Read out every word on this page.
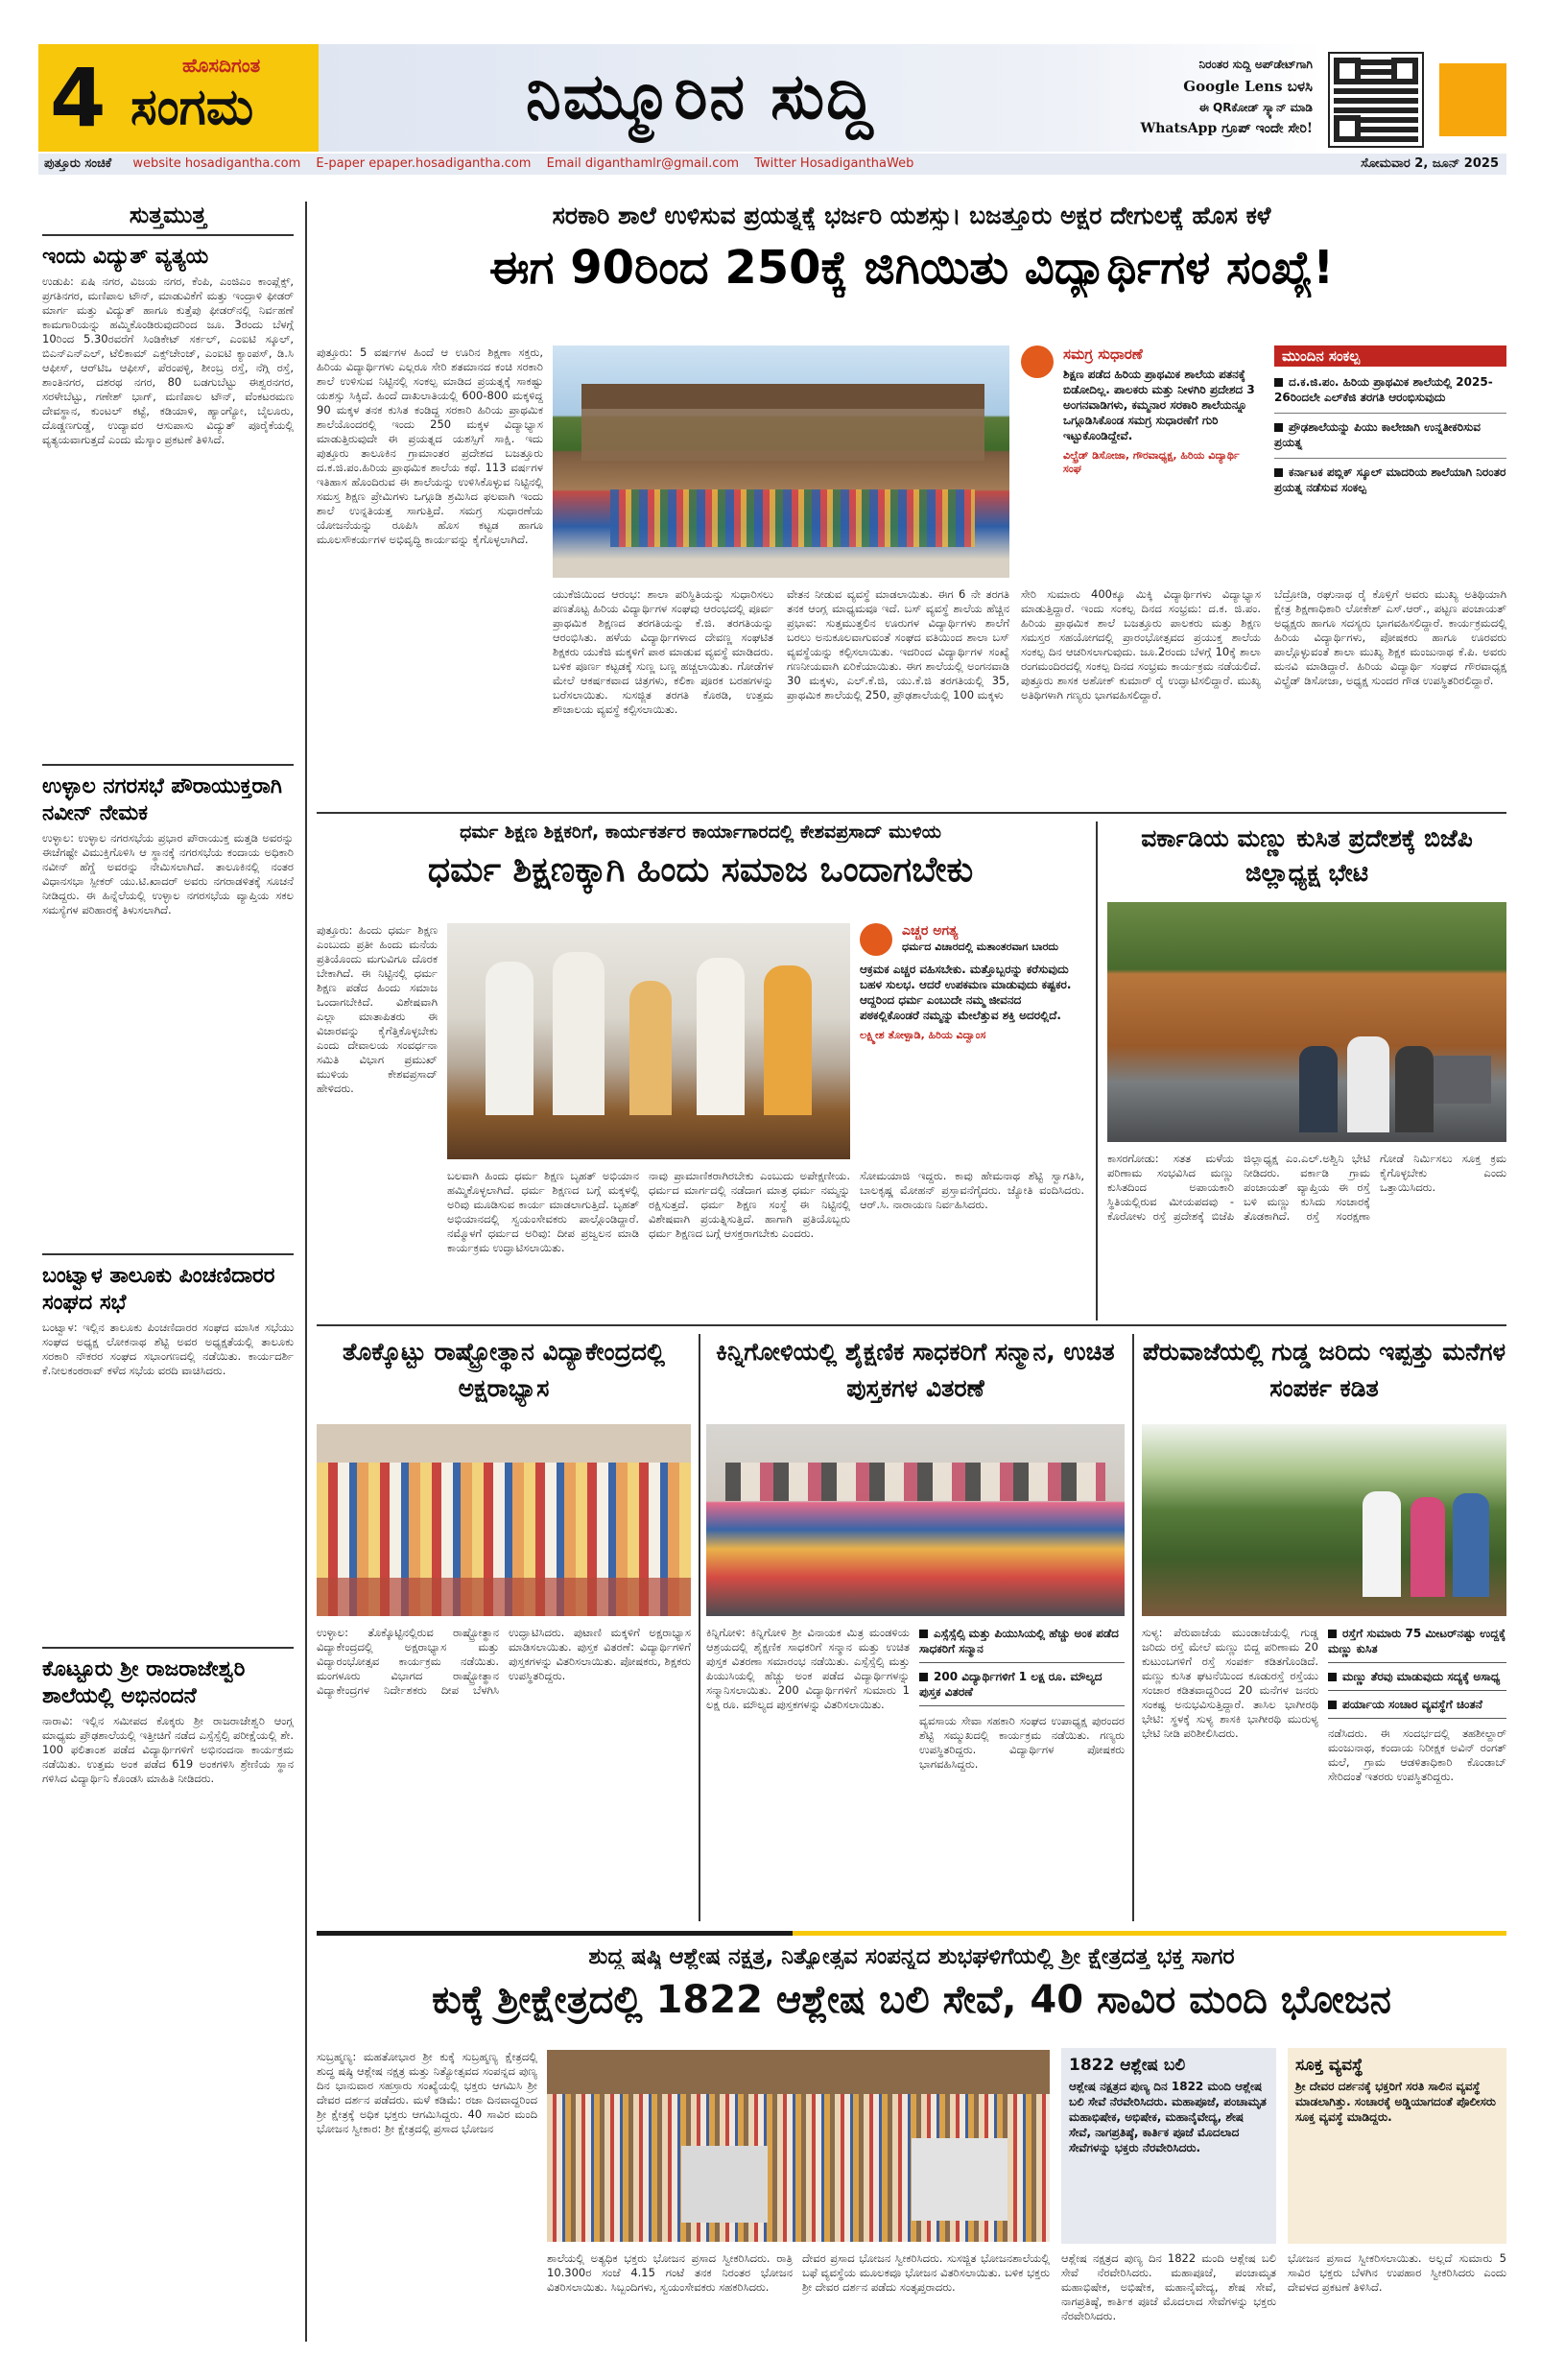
4	ಹೊಸದಿಗಂತ
ಸಂಗಮ	ನಿಮ್ಮೂರಿನ ಸುದ್ದಿ	ನಿರಂತರ ಸುದ್ದಿ ಅಪ್‌ಡೇಟ್‌ಗಾಗಿ
Google Lens ಬಳಸಿ
ಈ QRಕೋಡ್ ಸ್ಕ್ಯಾನ್ ಮಾಡಿ
WhatsApp ಗ್ರೂಪ್ ಇಂದೇ ಸೇರಿ!
ಪುತ್ತೂರು ಸಂಚಿಕೆ website hosadigantha.com E-paper epaper.hosadigantha.com Email diganthamlr@gmail.com Twitter HosadiganthaWeb	ಸೋಮವಾರ 2, ಜೂನ್ 2025
ಸುತ್ತಮುತ್ತ
ಇಂದು ವಿದ್ಯುತ್ ವ್ಯತ್ಯಯ
ಉಡುಪಿ: ಏಷಿ ನಗರ, ವಿಜಯ ನಗರ, ಕೆಂಪಿ, ಎಂಜಿಎಂ ಕಾಂಪ್ಲೆಕ್ಸ್, ಪ್ರಗತಿನಗರ, ಮಣಿಪಾಲ ಟೌನ್, ಮಾಡುವಿಕೆಗೆ ಮತ್ತು ಇಂದ್ರಾಳಿ ಫೀಡರ್ ಮಾರ್ಗ ಮತ್ತು ವಿದ್ಯುತ್ ಹಾಗೂ ಕುತ್ತೆಪು ಫೀಡರ್‌ನಲ್ಲಿ ನಿರ್ವಹಣೆ ಕಾಮಗಾರಿಯನ್ನು ಹಮ್ಮಿಕೊಂಡಿರುವುದರಿಂದ ಜೂ. 3ರಂದು ಬೆಳಗ್ಗೆ 10ರಿಂದ 5.30ರವರೆಗೆ ಸಿಂಡಿಕೇಟ್ ಸರ್ಕಲ್, ಎಂಐಟಿ ಸ್ಕೂಲ್, ಬಿಎನ್‌ಎನ್‌ಎಲ್, ಟೆಲಿಕಾಮ್ ಎಕ್ಸ್‌ಚೇಂಜ್, ಎಂಐಟಿ ಕ್ಯಾಂಪಸ್, ಡಿ.ಸಿ ಆಫೀಸ್, ಆರ್‌ಟಿಒ ಆಫೀಸ್, ಪೆರಂಪಳ್ಳಿ, ಶೀಂಬ್ರ ರಸ್ತೆ, ನೆಗ್ಗಿ ರಸ್ತೆ, ಶಾಂತಿನಗರ, ದಶರಥ ನಗರ, 80 ಬಡಗುಬೆಟ್ಟು ಈಶ್ವರನಗರ, ಸರಳೇಬೆಟ್ಟು, ಗಣೇಶ್ ಭಾಗ್, ಮಣಿಪಾಲ ಟೌನ್, ವೆಂಕಟರಮಣ ದೇವಸ್ಥಾನ, ಕುಂಟಲ್ ಕಟ್ಟೆ, ಕಡಿಯಾಳಿ, ಹ್ಯಾಂಗ್ಯೋ, ಬೈಲೂರು, ದೊಡ್ಡಣಗುಡ್ಡೆ, ಉದ್ಯಾವರ ಆಸುಪಾಸು ವಿದ್ಯುತ್ ಪೂರೈಕೆಯಲ್ಲಿ ವ್ಯತ್ಯಯವಾಗುತ್ತದೆ ಎಂದು ಮೆಸ್ಕಾಂ ಪ್ರಕಟಣೆ ತಿಳಿಸಿದೆ.
ಉಳ್ಳಾಲ ನಗರಸಭೆ ಪೌರಾಯುಕ್ತರಾಗಿ ನವೀನ್ ನೇಮಕ
ಉಳ್ಳಾಲ: ಉಳ್ಳಾಲ ನಗರಸಭೆಯ ಪ್ರಭಾರ ಪೌರಾಯುಕ್ತ ಮತ್ತಡಿ ಅವರನ್ನು ಈಚೆಗಷ್ಟೇ ವಿಮುಕ್ತಿಗೊಳಿಸಿ ಆ ಸ್ಥಾನಕ್ಕೆ ನಗರಸಭೆಯ ಕಂದಾಯ ಅಧಿಕಾರಿ ನವೀನ್ ಹೆಗ್ಡೆ ಅವರನ್ನು ನೇಮಿಸಲಾಗಿದೆ. ತಾಲೂಕಿನಲ್ಲಿ ನಂತರ ವಿಧಾನಸಭಾ ಸ್ಪೀಕರ್ ಯು.ಟಿ.ಖಾದರ್ ಅವರು ನಗರಾಡಳಿತಕ್ಕೆ ಸೂಚನೆ ನೀಡಿದ್ದರು. ಈ ಹಿನ್ನೆಲೆಯಲ್ಲಿ ಉಳ್ಳಾಲ ನಗರಸಭೆಯ ವ್ಯಾಪ್ತಿಯ ಸಕಲ ಸಮಸ್ಯೆಗಳ ಪರಿಹಾರಕ್ಕೆ ತಿಳುಸಲಾಗಿದೆ.
ಬಂಟ್ವಾಳ ತಾಲೂಕು ಪಿಂಚಣಿದಾರರ ಸಂಘದ ಸಭೆ
ಬಂಟ್ವಾಳ: ಇಲ್ಲಿನ ತಾಲೂಕು ಪಿಂಚಣಿದಾರರ ಸಂಘದ ಮಾಸಿಕ ಸಭೆಯು ಸಂಘದ ಅಧ್ಯಕ್ಷ ಲೋಕನಾಥ ಶೆಟ್ಟಿ ಅವರ ಅಧ್ಯಕ್ಷತೆಯಲ್ಲಿ ತಾಲೂಕು ಸರಕಾರಿ ನೌಕರರ ಸಂಘದ ಸಭಾಂಗಣದಲ್ಲಿ ನಡೆಯಿತು. ಕಾರ್ಯದರ್ಶಿ ಕೆ.ನೀಲಕಂಠರಾವ್ ಕಳೆದ ಸಭೆಯ ವರದಿ ವಾಚಿಸಿದರು.
ಕೊಟ್ಟೂರು ಶ್ರೀ ರಾಜರಾಜೇಶ್ವರಿ ಶಾಲೆಯಲ್ಲಿ ಅಭಿನಂದನೆ
ನಾರಾವಿ: ಇಲ್ಲಿನ ಸಮೀಪದ ಕೊಕ್ಕರು ಶ್ರೀ ರಾಜರಾಜೇಶ್ವರಿ ಆಂಗ್ಲ ಮಾಧ್ಯಮ ಪ್ರೌಢಶಾಲೆಯಲ್ಲಿ ಇತ್ತೀಚಿಗೆ ನಡೆದ ಎಸ್ಸೆಸ್ಸೆಲ್ಸಿ ಪರೀಕ್ಷೆಯಲ್ಲಿ ಶೇ. 100 ಫಲಿತಾಂಶ ಪಡೆದ ವಿದ್ಯಾರ್ಥಿಗಳಿಗೆ ಅಭಿನಂದನಾ ಕಾರ್ಯಕ್ರಮ ನಡೆಯಿತು. ಉತ್ತಮ ಅಂಕ ಪಡೆದ 619 ಅಂಕಗಳಿಸಿ ಶ್ರೇಣಿಯ ಸ್ಥಾನ ಗಳಿಸಿದ ವಿದ್ಯಾರ್ಥಿನಿ ಕೊಂಡಸಿ ಮಾಹಿತಿ ನೀಡಿದರು.
ಸರಕಾರಿ ಶಾಲೆ ಉಳಿಸುವ ಪ್ರಯತ್ನಕ್ಕೆ ಭರ್ಜರಿ ಯಶಸ್ಸು। ಬಜತ್ತೂರು ಅಕ್ಷರ ದೇಗುಲಕ್ಕೆ ಹೊಸ ಕಳೆ
ಈಗ 90ರಿಂದ 250ಕ್ಕೆ ಜಿಗಿಯಿತು ವಿದ್ಯಾರ್ಥಿಗಳ ಸಂಖ್ಯೆ!
ಪುತ್ತೂರು: 5 ವರ್ಷಗಳ ಹಿಂದೆ ಆ ಊರಿನ ಶಿಕ್ಷಣಾ ಸಕ್ತರು, ಹಿರಿಯ ವಿದ್ಯಾರ್ಥಿಗಳು ಎಲ್ಲರೂ ಸೇರಿ ಶತಮಾನದ ಕಂಚಿ ಸರಕಾರಿ ಶಾಲೆ ಉಳಿಸುವ ನಿಟ್ಟಿನಲ್ಲಿ ಸಂಕಲ್ಪ ಮಾಡಿದ ಪ್ರಯತ್ನಕ್ಕೆ ಸಾಕಷ್ಟು ಯಶಸ್ಸು ಸಿಕ್ಕಿದೆ. ಹಿಂದೆ ದಾಖಲಾತಿಯಲ್ಲಿ 600-800 ಮಕ್ಕಳಿದ್ದ 90 ಮಕ್ಕಳ ತನಕ ಕುಸಿತ ಕಂಡಿದ್ದ ಸರಕಾರಿ ಹಿರಿಯ ಪ್ರಾಥಮಿಕ ಶಾಲೆಯೊಂದರಲ್ಲಿ ಇಂದು 250 ಮಕ್ಕಳ ವಿದ್ಯಾಭ್ಯಾಸ ಮಾಡುತ್ತಿರುವುದೇ ಈ ಪ್ರಯತ್ನದ ಯಶಸ್ಸಿಗೆ ಸಾಕ್ಷಿ. ಇದು ಪುತ್ತೂರು ತಾಲೂಕಿನ ಗ್ರಾಮಾಂತರ ಪ್ರದೇಶದ ಬಜತ್ತೂರು ದ.ಕ.ಜಿ.ಪಂ.ಹಿರಿಯ ಪ್ರಾಥಮಿಕ ಶಾಲೆಯ ಕಥೆ. 113 ವರ್ಷಗಳ ಇತಿಹಾಸ ಹೊಂದಿರುವ ಈ ಶಾಲೆಯನ್ನು ಉಳಿಸಿಕೊಳ್ಳುವ ನಿಟ್ಟಿನಲ್ಲಿ ಸಮಸ್ತ ಶಿಕ್ಷಣ ಪ್ರೇಮಿಗಳು ಒಗ್ಗೂಡಿ ಶ್ರಮಿಸಿದ ಫಲವಾಗಿ ಇಂದು ಶಾಲೆ ಉನ್ನತಿಯತ್ತ ಸಾಗುತ್ತಿದೆ. ಸಮಗ್ರ ಸುಧಾರಣೆಯ ಯೋಜನೆಯನ್ನು ರೂಪಿಸಿ ಹೊಸ ಕಟ್ಟಡ ಹಾಗೂ ಮೂಲಸೌಕರ್ಯಗಳ ಅಭಿವೃದ್ಧಿ ಕಾರ್ಯವನ್ನು ಕೈಗೊಳ್ಳಲಾಗಿದೆ.
ಸಮಗ್ರ ಸುಧಾರಣೆ
ಶಿಕ್ಷಣ ಪಡೆದ ಹಿರಿಯ ಪ್ರಾಥಮಿಕ ಶಾಲೆಯ ಪತನಕ್ಕೆ ಬಿಡೋದಿಲ್ಲ. ಪಾಲಕರು ಮತ್ತು ನೀಳಗಿರಿ ಪ್ರದೇಶದ 3 ಅಂಗನವಾಡಿಗಳು, ಕಮ್ಮನಾರ ಸರಕಾರಿ ಶಾಲೆಯನ್ನೂ ಒಗ್ಗೂಡಿಸಿಕೊಂಡ ಸಮಗ್ರ ಸುಧಾರಣೆಗೆ ಗುರಿ ಇಟ್ಟುಕೊಂಡಿದ್ದೇವೆ.
ವಿಲ್ಫ್ರೆಡ್ ಡಿಸೋಜಾ, ಗೌರವಾಧ್ಯಕ್ಷ, ಹಿರಿಯ ವಿದ್ಯಾರ್ಥಿ ಸಂಘ
ಮುಂದಿನ ಸಂಕಲ್ಪ
ದ.ಕ.ಜಿ.ಪಂ. ಹಿರಿಯ ಪ್ರಾಥಮಿಕ ಶಾಲೆಯಲ್ಲಿ 2025-26ರಿಂದಲೇ ಎಲ್‌ಕೆಜಿ ತರಗತಿ ಆರಂಭಿಸುವುದು
ಪ್ರೌಢಶಾಲೆಯನ್ನು ಪಿಯು ಕಾಲೇಜಾಗಿ ಉನ್ನತೀಕರಿಸುವ ಪ್ರಯತ್ನ
ಕರ್ನಾಟಕ ಪಬ್ಲಿಕ್ ಸ್ಕೂಲ್ ಮಾದರಿಯ ಶಾಲೆಯಾಗಿ ನಿರಂತರ ಪ್ರಯತ್ನ ನಡೆಸುವ ಸಂಕಲ್ಪ
ಯುಕೆಜಿಯಿಂದ ಆರಂಭ: ಶಾಲಾ ಪರಿಸ್ಥಿತಿಯನ್ನು ಸುಧಾರಿಸಲು ಪಣತೊಟ್ಟ ಹಿರಿಯ ವಿದ್ಯಾರ್ಥಿಗಳ ಸಂಘವು ಆರಂಭದಲ್ಲಿ ಪೂರ್ವ ಪ್ರಾಥಮಿಕ ಶಿಕ್ಷಣದ ತರಗತಿಯನ್ನು ಕೆ.ಜಿ. ತರಗತಿಯನ್ನು ಆರಂಭಿಸಿತು. ಹಳೆಯ ವಿದ್ಯಾರ್ಥಿಗಳಾದ ದೇವಣ್ಣ ಸಂಘಟಿತ ಶಿಕ್ಷಕರು ಯುಕೆಜಿ ಮಕ್ಕಳಿಗೆ ಪಾಠ ಮಾಡುವ ವ್ಯವಸ್ಥೆ ಮಾಡಿದರು. ಬಳಿಕ ಪೂರ್ಣ ಕಟ್ಟಡಕ್ಕೆ ಸುಣ್ಣ ಬಣ್ಣ ಹಚ್ಚಲಾಯಿತು. ಗೋಡೆಗಳ ಮೇಲೆ ಆಕರ್ಷಕವಾದ ಚಿತ್ರಗಳು, ಕಲಿಕಾ ಪೂರಕ ಬರಹಗಳನ್ನು ಬರೆಸಲಾಯಿತು. ಸುಸಜ್ಜಿತ ತರಗತಿ ಕೊಠಡಿ, ಉತ್ತಮ ಶೌಚಾಲಯ ವ್ಯವಸ್ಥೆ ಕಲ್ಪಿಸಲಾಯಿತು.
ವೇತನ ನೀಡುವ ವ್ಯವಸ್ಥೆ ಮಾಡಲಾಯಿತು. ಈಗ 6 ನೇ ತರಗತಿ ತನಕ ಆಂಗ್ಲ ಮಾಧ್ಯಮವೂ ಇದೆ. ಬಸ್ ವ್ಯವಸ್ಥೆ ಶಾಲೆಯ ಹೆಚ್ಚಿನ ಪ್ರಭಾವ: ಸುತ್ತಮುತ್ತಲಿನ ಊರುಗಳ ವಿದ್ಯಾರ್ಥಿಗಳು ಶಾಲೆಗೆ ಬರಲು ಅನುಕೂಲವಾಗುವಂತೆ ಸಂಘದ ವತಿಯಿಂದ ಶಾಲಾ ಬಸ್ ವ್ಯವಸ್ಥೆಯನ್ನು ಕಲ್ಪಿಸಲಾಯಿತು. ಇದರಿಂದ ವಿದ್ಯಾರ್ಥಿಗಳ ಸಂಖ್ಯೆ ಗಣನೀಯವಾಗಿ ಏರಿಕೆಯಾಯಿತು. ಈಗ ಶಾಲೆಯಲ್ಲಿ ಅಂಗನವಾಡಿ 30 ಮಕ್ಕಳು, ಎಲ್.ಕೆ.ಜಿ, ಯು.ಕೆ.ಜಿ ತರಗತಿಯಲ್ಲಿ 35, ಪ್ರಾಥಮಿಕ ಶಾಲೆಯಲ್ಲಿ 250, ಪ್ರೌಢಶಾಲೆಯಲ್ಲಿ 100 ಮಕ್ಕಳು
ಸೇರಿ ಸುಮಾರು 400ಕ್ಕೂ ಮಿಕ್ಕಿ ವಿದ್ಯಾರ್ಥಿಗಳು ವಿದ್ಯಾಭ್ಯಾಸ ಮಾಡುತ್ತಿದ್ದಾರೆ. ಇಂದು ಸಂಕಲ್ಪ ದಿನದ ಸಂಭ್ರಮ: ದ.ಕ. ಜಿ.ಪಂ. ಹಿರಿಯ ಪ್ರಾಥಮಿಕ ಶಾಲೆ ಬಜತ್ತೂರು ಪಾಲಕರು ಮತ್ತು ಶಿಕ್ಷಣ ಸಮಸ್ತರ ಸಹಯೋಗದಲ್ಲಿ ಪ್ರಾರಂಭೋತ್ಸವದ ಪ್ರಯುಕ್ತ ಶಾಲೆಯ ಸಂಕಲ್ಪ ದಿನ ಆಚರಿಸಲಾಗುವುದು. ಜೂ.2ರಂದು ಬೆಳಗ್ಗೆ 10ಕ್ಕೆ ಶಾಲಾ ರಂಗಮಂದಿರದಲ್ಲಿ ಸಂಕಲ್ಪ ದಿನದ ಸಂಭ್ರಮ ಕಾರ್ಯಕ್ರಮ ನಡೆಯಲಿದೆ. ಪುತ್ತೂರು ಶಾಸಕ ಅಶೋಕ್ ಕುಮಾರ್ ರೈ ಉದ್ಘಾಟಿಸಲಿದ್ದಾರೆ. ಮುಖ್ಯ ಅತಿಥಿಗಳಾಗಿ ಗಣ್ಯರು ಭಾಗವಹಿಸಲಿದ್ದಾರೆ.
ಬೆದ್ರೋಡಿ, ರಘುನಾಥ ರೈ ಕೊಳ್ತಿಗೆ ಅವರು ಮುಖ್ಯ ಅತಿಥಿಯಾಗಿ ಕ್ಷೇತ್ರ ಶಿಕ್ಷಣಾಧಿಕಾರಿ ಲೋಕೇಶ್ ಎಸ್.ಆರ್., ಪಟ್ಟಣ ಪಂಚಾಯತ್ ಅಧ್ಯಕ್ಷರು ಹಾಗೂ ಸದಸ್ಯರು ಭಾಗವಹಿಸಲಿದ್ದಾರೆ. ಕಾರ್ಯಕ್ರಮದಲ್ಲಿ ಹಿರಿಯ ವಿದ್ಯಾರ್ಥಿಗಳು, ಪೋಷಕರು ಹಾಗೂ ಊರವರು ಪಾಲ್ಗೊಳ್ಳುವಂತೆ ಶಾಲಾ ಮುಖ್ಯ ಶಿಕ್ಷಕ ಮಂಜುನಾಥ ಕೆ.ಪಿ. ಅವರು ಮನವಿ ಮಾಡಿದ್ದಾರೆ. ಹಿರಿಯ ವಿದ್ಯಾರ್ಥಿ ಸಂಘದ ಗೌರವಾಧ್ಯಕ್ಷ ವಿಲ್ಫ್ರೆಡ್ ಡಿಸೋಜಾ, ಅಧ್ಯಕ್ಷ ಸುಂದರ ಗೌಡ ಉಪಸ್ಥಿತರಿರಲಿದ್ದಾರೆ.
ಧರ್ಮ ಶಿಕ್ಷಣ ಶಿಕ್ಷಕರಿಗೆ, ಕಾರ್ಯಕರ್ತರ ಕಾರ್ಯಾಗಾರದಲ್ಲಿ ಕೇಶವಪ್ರಸಾದ್ ಮುಳಿಯ
ಧರ್ಮ ಶಿಕ್ಷಣಕ್ಕಾಗಿ ಹಿಂದು ಸಮಾಜ ಒಂದಾಗಬೇಕು
ಪುತ್ತೂರು: ಹಿಂದು ಧರ್ಮ ಶಿಕ್ಷಣ ಎಂಬುದು ಪ್ರತೀ ಹಿಂದು ಮನೆಯ ಪ್ರತಿಯೊಂದು ಮಗುವಿಗೂ ದೊರಕ ಬೇಕಾಗಿದೆ. ಈ ನಿಟ್ಟಿನಲ್ಲಿ ಧರ್ಮ ಶಿಕ್ಷಣ ಪಡೆದ ಹಿಂದು ಸಮಾಜ ಒಂದಾಗಬೇಕಿದೆ. ವಿಶೇಷವಾಗಿ ಎಲ್ಲಾ ಮಾತಾಪಿತರು ಈ ವಿಚಾರವನ್ನು ಕೈಗೆತ್ತಿಕೊಳ್ಳಬೇಕು ಎಂದು ದೇವಾಲಯ ಸಂವರ್ಧನಾ ಸಮಿತಿ ವಿಭಾಗ ಪ್ರಮುಖ್ ಮುಳಿಯ ಕೇಶವಪ್ರಸಾದ್ ಹೇಳಿದರು.
ಎಚ್ಚರ ಅಗತ್ಯ
ಧರ್ಮದ ವಿಚಾರದಲ್ಲಿ ಮತಾಂತರವಾಗ ಬಾರದು
ಆಕ್ರಮಕ ಎಚ್ಚರ ವಹಿಸಬೇಕು. ಮತ್ತೊಬ್ಬರನ್ನು ಕರೆಸುವುದು ಬಹಳ ಸುಲಭ. ಆದರೆ ಉಪಕಮಣ ಮಾಡುವುದು ಕಷ್ಟಕರ. ಆದ್ದರಿಂದ ಧರ್ಮ ಎಂಬುದೇ ನಮ್ಮ ಜೀವನದ ಪಠಕಲ್ಲಿಕೊಂಡರೆ ನಮ್ಮನ್ನು ಮೇಲೆತ್ತುವ ಶಕ್ತಿ ಅದರಲ್ಲಿದೆ.
ಲಕ್ಷ್ಮೀಶ ತೋಳ್ಪಾಡಿ, ಹಿರಿಯ ವಿದ್ವಾಂಸ
ಬಲವಾಗಿ ಹಿಂದು ಧರ್ಮ ಶಿಕ್ಷಣ ಬೃಹತ್ ಅಭಿಯಾನ ಹಮ್ಮಿಕೊಳ್ಳಲಾಗಿದೆ. ಧರ್ಮ ಶಿಕ್ಷಣದ ಬಗ್ಗೆ ಮಕ್ಕಳಲ್ಲಿ ಅರಿವು ಮೂಡಿಸುವ ಕಾರ್ಯ ಮಾಡಲಾಗುತ್ತಿದೆ. ಬೃಹತ್ ಅಭಿಯಾನದಲ್ಲಿ ಸ್ವಯಂಸೇವಕರು ಪಾಲ್ಗೊಂಡಿದ್ದಾರೆ. ನಮ್ಮೊಳಗೆ ಧರ್ಮದ ಅರಿವು: ದೀಪ ಪ್ರಜ್ವಲನ ಮಾಡಿ ಕಾರ್ಯಕ್ರಮ ಉದ್ಘಾಟಿಸಲಾಯಿತು.
ನಾವು ಪ್ರಾಮಾಣಿಕರಾಗಿರಬೇಕು ಎಂಬುದು ಅಪೇಕ್ಷಣೀಯ. ಧರ್ಮದ ಮಾರ್ಗದಲ್ಲಿ ನಡೆದಾಗ ಮಾತ್ರ ಧರ್ಮ ನಮ್ಮನ್ನು ರಕ್ಷಿಸುತ್ತದೆ. ಧರ್ಮ ಶಿಕ್ಷಣ ಸಂಸ್ಥೆ ಈ ನಿಟ್ಟಿನಲ್ಲಿ ವಿಶೇಷವಾಗಿ ಪ್ರಯತ್ನಿಸುತ್ತಿದೆ. ಹಾಗಾಗಿ ಪ್ರತಿಯೊಬ್ಬರು ಧರ್ಮ ಶಿಕ್ಷಣದ ಬಗ್ಗೆ ಆಸಕ್ತರಾಗಬೇಕು ಎಂದರು.
ಸೋಮಯಾಜಿ ಇದ್ದರು. ಕಾವು ಹೇಮನಾಥ ಶೆಟ್ಟಿ ಸ್ವಾಗತಿಸಿ, ಬಾಲಕೃಷ್ಣ ಮೋಹನ್ ಪ್ರಸ್ತಾವನೆಗೈದರು. ಜ್ಯೋತಿ ವಂದಿಸಿದರು. ಆರ್.ಸಿ. ನಾರಾಯಣ ನಿರ್ವಹಿಸಿದರು.
ವರ್ಕಾಡಿಯ ಮಣ್ಣು ಕುಸಿತ ಪ್ರದೇಶಕ್ಕೆ ಬಿಜೆಪಿ ಜಿಲ್ಲಾಧ್ಯಕ್ಷ ಭೇಟಿ
ಕಾಸರಗೋಡು: ಸತತ ಮಳೆಯ ಪರಿಣಾಮ ಸಂಭವಿಸಿದ ಮಣ್ಣು ಕುಸಿತದಿಂದ ಅಪಾಯಕಾರಿ ಸ್ಥಿತಿಯಲ್ಲಿರುವ ಮೀಯಪದವು - ಕೊರೋಳು ರಸ್ತೆ ಪ್ರದೇಶಕ್ಕೆ ಬಿಜೆಪಿ ಜಿಲ್ಲಾಧ್ಯಕ್ಷ ಎಂ.ಎಲ್.ಅಶ್ವಿನಿ ಭೇಟಿ ನೀಡಿದರು. ವರ್ಕಾಡಿ ಗ್ರಾಮ ಪಂಚಾಯತ್ ವ್ಯಾಪ್ತಿಯ ಈ ರಸ್ತೆ ಬಳಿ ಮಣ್ಣು ಕುಸಿದು ಸಂಚಾರಕ್ಕೆ ತೊಡಕಾಗಿದೆ. ರಸ್ತೆ ಸಂರಕ್ಷಣಾ ಗೋಡೆ ನಿರ್ಮಿಸಲು ಸೂಕ್ತ ಕ್ರಮ ಕೈಗೊಳ್ಳಬೇಕು ಎಂದು ಒತ್ತಾಯಿಸಿದರು.
ತೊಕ್ಕೊಟ್ಟು ರಾಷ್ಟ್ರೋತ್ಥಾನ ವಿದ್ಯಾಕೇಂದ್ರದಲ್ಲಿ ಅಕ್ಷರಾಭ್ಯಾಸ
ಉಳ್ಳಾಲ: ತೊಕ್ಕೊಟ್ಟಿನಲ್ಲಿರುವ ರಾಷ್ಟ್ರೋತ್ಥಾನ ವಿದ್ಯಾಕೇಂದ್ರದಲ್ಲಿ ಅಕ್ಷರಾಭ್ಯಾಸ ಮತ್ತು ವಿದ್ಯಾರಂಭೋತ್ಸವ ಕಾರ್ಯಕ್ರಮ ನಡೆಯಿತು. ಮಂಗಳೂರು ವಿಭಾಗದ ರಾಷ್ಟ್ರೋತ್ಥಾನ ವಿದ್ಯಾಕೇಂದ್ರಗಳ ನಿರ್ದೇಶಕರು ದೀಪ ಬೆಳಗಿಸಿ ಉದ್ಘಾಟಿಸಿದರು. ಪುಟಾಣಿ ಮಕ್ಕಳಿಗೆ ಅಕ್ಷರಾಭ್ಯಾಸ ಮಾಡಿಸಲಾಯಿತು. ಪುಸ್ತಕ ವಿತರಣೆ: ವಿದ್ಯಾರ್ಥಿಗಳಿಗೆ ಪುಸ್ತಕಗಳನ್ನು ವಿತರಿಸಲಾಯಿತು. ಪೋಷಕರು, ಶಿಕ್ಷಕರು ಉಪಸ್ಥಿತರಿದ್ದರು.
ಕಿನ್ನಿಗೋಳಿಯಲ್ಲಿ ಶೈಕ್ಷಣಿಕ ಸಾಧಕರಿಗೆ ಸನ್ಮಾನ, ಉಚಿತ ಪುಸ್ತಕಗಳ ವಿತರಣೆ
ಕಿನ್ನಿಗೋಳಿ: ಕಿನ್ನಿಗೋಳಿ ಶ್ರೀ ವಿನಾಯಕ ಮಿತ್ರ ಮಂಡಳಿಯ ಆಶ್ರಯದಲ್ಲಿ ಶೈಕ್ಷಣಿಕ ಸಾಧಕರಿಗೆ ಸನ್ಮಾನ ಮತ್ತು ಉಚಿತ ಪುಸ್ತಕ ವಿತರಣಾ ಸಮಾರಂಭ ನಡೆಯಿತು. ಎಸ್ಸೆಸ್ಸೆಲ್ಸಿ ಮತ್ತು ಪಿಯುಸಿಯಲ್ಲಿ ಹೆಚ್ಚು ಅಂಕ ಪಡೆದ ವಿದ್ಯಾರ್ಥಿಗಳನ್ನು ಸನ್ಮಾನಿಸಲಾಯಿತು. 200 ವಿದ್ಯಾರ್ಥಿಗಳಿಗೆ ಸುಮಾರು 1 ಲಕ್ಷ ರೂ. ಮೌಲ್ಯದ ಪುಸ್ತಕಗಳನ್ನು ವಿತರಿಸಲಾಯಿತು.
ಎಸ್ಸೆಸ್ಸೆಲ್ಸಿ ಮತ್ತು ಪಿಯುಸಿಯಲ್ಲಿ ಹೆಚ್ಚು ಅಂಕ ಪಡೆದ ಸಾಧಕರಿಗೆ ಸನ್ಮಾನ
200 ವಿದ್ಯಾರ್ಥಿಗಳಿಗೆ 1 ಲಕ್ಷ ರೂ. ಮೌಲ್ಯದ ಪುಸ್ತಕ ವಿತರಣೆ
ವ್ಯವಸಾಯ ಸೇವಾ ಸಹಕಾರಿ ಸಂಘದ ಉಪಾಧ್ಯಕ್ಷ ಪುರಂದರ ಶೆಟ್ಟಿ ಸಮ್ಮುಖದಲ್ಲಿ ಕಾರ್ಯಕ್ರಮ ನಡೆಯಿತು. ಗಣ್ಯರು ಉಪಸ್ಥಿತರಿದ್ದರು. ವಿದ್ಯಾರ್ಥಿಗಳ ಪೋಷಕರು ಭಾಗವಹಿಸಿದ್ದರು.
ಪೆರುವಾಜೆಯಲ್ಲಿ ಗುಡ್ಡ ಜರಿದು ಇಪ್ಪತ್ತು ಮನೆಗಳ ಸಂಪರ್ಕ ಕಡಿತ
ಸುಳ್ಯ: ಪೆರುವಾಜೆಯ ಮುಂಡಾಜೆಯಲ್ಲಿ ಗುಡ್ಡ ಜರಿದು ರಸ್ತೆ ಮೇಲೆ ಮಣ್ಣು ಬಿದ್ದ ಪರಿಣಾಮ 20 ಕುಟುಂಬಗಳಿಗೆ ರಸ್ತೆ ಸಂಪರ್ಕ ಕಡಿತಗೊಂಡಿದೆ. ಮಣ್ಣು ಕುಸಿತ ಘಟನೆಯಿಂದ ಕೂಡುರಸ್ತೆ ರಸ್ತೆಯು ಸಂಚಾರ ಕಡಿತವಾದ್ದರಿಂದ 20 ಮನೆಗಳ ಜನರು ಸಂಕಷ್ಟ ಅನುಭವಿಸುತ್ತಿದ್ದಾರೆ. ತಾಸಿಲ ಭಾಗೀರಥಿ ಭೇಟಿ: ಸ್ಥಳಕ್ಕೆ ಸುಳ್ಯ ಶಾಸಕಿ ಭಾಗೀರಥಿ ಮುರುಳ್ಯ ಭೇಟಿ ನೀಡಿ ಪರಿಶೀಲಿಸಿದರು.
ರಸ್ತೆಗೆ ಸುಮಾರು 75 ಮೀಟರ್‌ನಷ್ಟು ಉದ್ದಕ್ಕೆ ಮಣ್ಣು ಕುಸಿತ
ಮಣ್ಣು ತೆರವು ಮಾಡುವುದು ಸದ್ಯಕ್ಕೆ ಅಸಾಧ್ಯ
ಪರ್ಯಾಯ ಸಂಚಾರ ವ್ಯವಸ್ಥೆಗೆ ಚಿಂತನೆ
ನಡೆಸಿದರು. ಈ ಸಂದರ್ಭದಲ್ಲಿ ತಹಶೀಲ್ದಾರ್ ಮಂಜುನಾಥ, ಕಂದಾಯ ನಿರೀಕ್ಷಕ ಅವಿನ್ ರಂಗತ್ ಮಲೆ, ಗ್ರಾಮ ಆಡಳಿತಾಧಿಕಾರಿ ಕೊಂಡಾಬ್ ಸೇರಿದಂತೆ ಇತರರು ಉಪಸ್ಥಿತರಿದ್ದರು.
ಶುದ್ಧ ಷಷ್ಠಿ ಆಶ್ಲೇಷ ನಕ್ಷತ್ರ, ನಿತ್ಯೋತ್ಸವ ಸಂಪನ್ನದ ಶುಭಘಳಿಗೆಯಲ್ಲಿ ಶ್ರೀ ಕ್ಷೇತ್ರದತ್ತ ಭಕ್ತ ಸಾಗರ
ಕುಕ್ಕೆ ಶ್ರೀಕ್ಷೇತ್ರದಲ್ಲಿ 1822 ಆಶ್ಲೇಷ ಬಲಿ ಸೇವೆ, 40 ಸಾವಿರ ಮಂದಿ ಭೋಜನ
ಸುಬ್ರಹ್ಮಣ್ಯ: ಮಹತೋಭಾರ ಶ್ರೀ ಕುಕ್ಕೆ ಸುಬ್ರಹ್ಮಣ್ಯ ಕ್ಷೇತ್ರದಲ್ಲಿ ಶುದ್ಧ ಷಷ್ಠಿ ಆಶ್ಲೇಷ ನಕ್ಷತ್ರ ಮತ್ತು ನಿತ್ಯೋತ್ಸವದ ಸಂಪನ್ನದ ಪುಣ್ಯ ದಿನ ಭಾನುವಾರ ಸಹಸ್ರಾರು ಸಂಖ್ಯೆಯಲ್ಲಿ ಭಕ್ತರು ಆಗಮಿಸಿ ಶ್ರೀ ದೇವರ ದರ್ಶನ ಪಡೆದರು. ಮಳೆ ಕಡಿಮೆ: ರಜಾ ದಿನವಾದ್ದರಿಂದ ಶ್ರೀ ಕ್ಷೇತ್ರಕ್ಕೆ ಅಧಿಕ ಭಕ್ತರು ಆಗಮಿಸಿದ್ದರು. 40 ಸಾವಿರ ಮಂದಿ ಭೋಜನ ಸ್ವೀಕಾರ: ಶ್ರೀ ಕ್ಷೇತ್ರದಲ್ಲಿ ಪ್ರಸಾದ ಭೋಜನ
ಶಾಲೆಯಲ್ಲಿ ಅತ್ಯಧಿಕ ಭಕ್ತರು ಭೋಜನ ಪ್ರಸಾದ ಸ್ವೀಕರಿಸಿದರು. ರಾತ್ರಿ 10.300ರ ಸಂಜೆ 4.15 ಗಂಟೆ ತನಕ ನಿರಂತರ ಭೋಜನ ವಿತರಿಸಲಾಯಿತು. ಸಿಬ್ಬಂದಿಗಳು, ಸ್ವಯಂಸೇವಕರು ಸಹಕರಿಸಿದರು.
ದೇವರ ಪ್ರಸಾದ ಭೋಜನ ಸ್ವೀಕರಿಸಿದರು. ಸುಸಜ್ಜಿತ ಭೋಜನಶಾಲೆಯಲ್ಲಿ ಬಫೆ ವ್ಯವಸ್ಥೆಯ ಮೂಲಕವೂ ಭೋಜನ ವಿತರಿಸಲಾಯಿತು. ಬಳಿಕ ಭಕ್ತರು ಶ್ರೀ ದೇವರ ದರ್ಶನ ಪಡೆದು ಸಂತೃಪ್ತರಾದರು.
1822 ಆಶ್ಲೇಷ ಬಲಿ
ಆಶ್ಲೇಷ ನಕ್ಷತ್ರದ ಪುಣ್ಯ ದಿನ 1822 ಮಂದಿ ಆಶ್ಲೇಷ ಬಲಿ ಸೇವೆ ನೆರವೇರಿಸಿದರು. ಮಹಾಪೂಜೆ, ಪಂಚಾಮೃತ ಮಹಾಭಿಷೇಕ, ಅಭಿಷೇಕ, ಮಹಾನೈವೇದ್ಯ, ಶೇಷ ಸೇವೆ, ನಾಗಪ್ರತಿಷ್ಠೆ, ಕಾರ್ತಿಕ ಪೂಜೆ ಮೊದಲಾದ ಸೇವೆಗಳನ್ನು ಭಕ್ತರು ನೆರವೇರಿಸಿದರು.
ಸೂಕ್ತ ವ್ಯವಸ್ಥೆ
ಶ್ರೀ ದೇವರ ದರ್ಶನಕ್ಕೆ ಭಕ್ತರಿಗೆ ಸರತಿ ಸಾಲಿನ ವ್ಯವಸ್ಥೆ ಮಾಡಲಾಗಿತ್ತು. ಸಂಚಾರಕ್ಕೆ ಅಡ್ಡಿಯಾಗದಂತೆ ಪೊಲೀಸರು ಸೂಕ್ತ ವ್ಯವಸ್ಥೆ ಮಾಡಿದ್ದರು.
ಭೋಜನ ಪ್ರಸಾದ ಸ್ವೀಕರಿಸಲಾಯಿತು. ಅಲ್ಲದೆ ಸುಮಾರು 5 ಸಾವಿರ ಭಕ್ತರು ಬೆಳಗಿನ ಉಪಹಾರ ಸ್ವೀಕರಿಸಿದರು ಎಂದು ದೇವಳದ ಪ್ರಕಟಣೆ ತಿಳಿಸಿದೆ.
ಆಶ್ಲೇಷ ನಕ್ಷತ್ರದ ಪುಣ್ಯ ದಿನ 1822 ಮಂದಿ ಆಶ್ಲೇಷ ಬಲಿ ಸೇವೆ ನೆರವೇರಿಸಿದರು. ಮಹಾಪೂಜೆ, ಪಂಚಾಮೃತ ಮಹಾಭಿಷೇಕ, ಅಭಿಷೇಕ, ಮಹಾನೈವೇದ್ಯ, ಶೇಷ ಸೇವೆ, ನಾಗಪ್ರತಿಷ್ಠೆ, ಕಾರ್ತಿಕ ಪೂಜೆ ಮೊದಲಾದ ಸೇವೆಗಳನ್ನು ಭಕ್ತರು ನೆರವೇರಿಸಿದರು.
